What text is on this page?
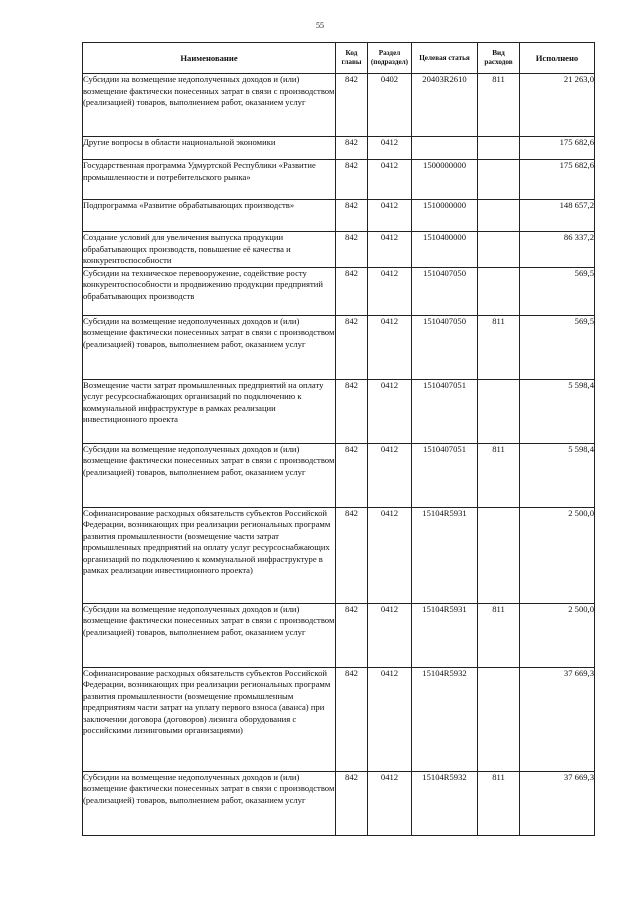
55
Наименование	Код главы	Раздел (подраздел)	Целевая статья	Вид расходов	Исполнено
Субсидии на возмещение недополученных доходов и (или) возмещение фактически понесенных затрат в связи с производством (реализацией) товаров, выполнением работ, оказанием услуг	842	0402	20403R2610	811	21 263,0
Другие вопросы в области национальной экономики	842	0412			175 682,6
Государственная программа Удмуртской Республики «Развитие промышленности и потребительского рынка»	842	0412	1500000000		175 682,6
Подпрограмма «Развитие обрабатывающих производств»	842	0412	1510000000		148 657,2
Создание условий для увеличения выпуска продукции обрабатывающих производств, повышение её качества и конкурентоспособности	842	0412	1510400000		86 337,2
Субсидии на техническое перевооружение, содействие росту конкурентоспособности и продвижению продукции предприятий обрабатывающих производств	842	0412	1510407050		569,5
Субсидии на возмещение недополученных доходов и (или) возмещение фактически понесенных затрат в связи с производством (реализацией) товаров, выполнением работ, оказанием услуг	842	0412	1510407050	811	569,5
Возмещение части затрат промышленных предприятий на оплату услуг ресурсоснабжающих организаций по подключению к коммунальной инфраструктуре в рамках реализации инвестиционного проекта	842	0412	1510407051		5 598,4
Субсидии на возмещение недополученных доходов и (или) возмещение фактически понесенных затрат в связи с производством (реализацией) товаров, выполнением работ, оказанием услуг	842	0412	1510407051	811	5 598,4
Софинансирование расходных обязательств субъектов Российской Федерации, возникающих при реализации региональных программ развития промышленности (возмещение части затрат промышленных предприятий на оплату услуг ресурсоснабжающих организаций по подключению к коммунальной инфраструктуре в рамках реализации инвестиционного проекта)	842	0412	15104R5931		2 500,0
Субсидии на возмещение недополученных доходов и (или) возмещение фактически понесенных затрат в связи с производством (реализацией) товаров, выполнением работ, оказанием услуг	842	0412	15104R5931	811	2 500,0
Софинансирование расходных обязательств субъектов Российской Федерации, возникающих при реализации региональных программ развития промышленности (возмещение промышленным предприятиям части затрат на уплату первого взноса (аванса) при заключении договора (договоров) лизинга оборудования с российскими лизинговыми организациями)	842	0412	15104R5932		37 669,3
Субсидии на возмещение недополученных доходов и (или) возмещение фактически понесенных затрат в связи с производством (реализацией) товаров, выполнением работ, оказанием услуг	842	0412	15104R5932	811	37 669,3
